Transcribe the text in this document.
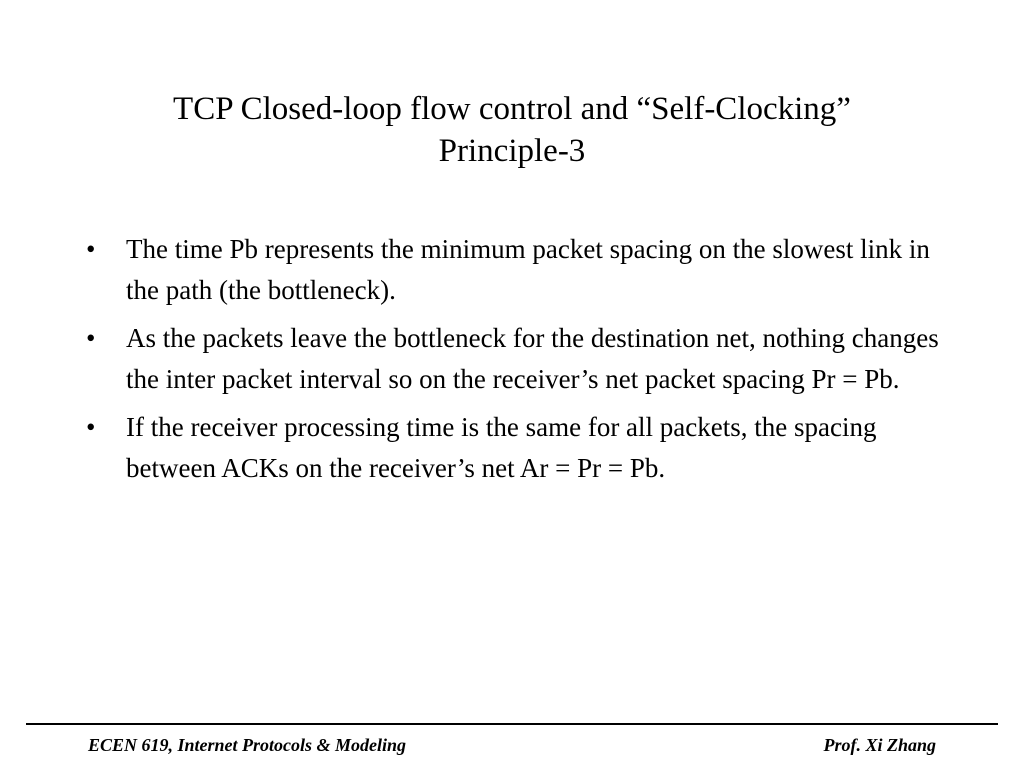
TCP Closed-loop flow control and “Self-Clocking”
Principle-3
•	The time Pb represents the minimum packet spacing on the slowest link in the path (the bottleneck).
•	As the packets leave the bottleneck for the destination net, nothing changes the inter packet interval so on the receiver’s net packet spacing Pr = Pb.
•	If the receiver processing time is the same for all packets, the spacing between ACKs on the receiver’s net Ar = Pr = Pb.
ECEN 619, Internet Protocols & Modeling	Prof. Xi Zhang
